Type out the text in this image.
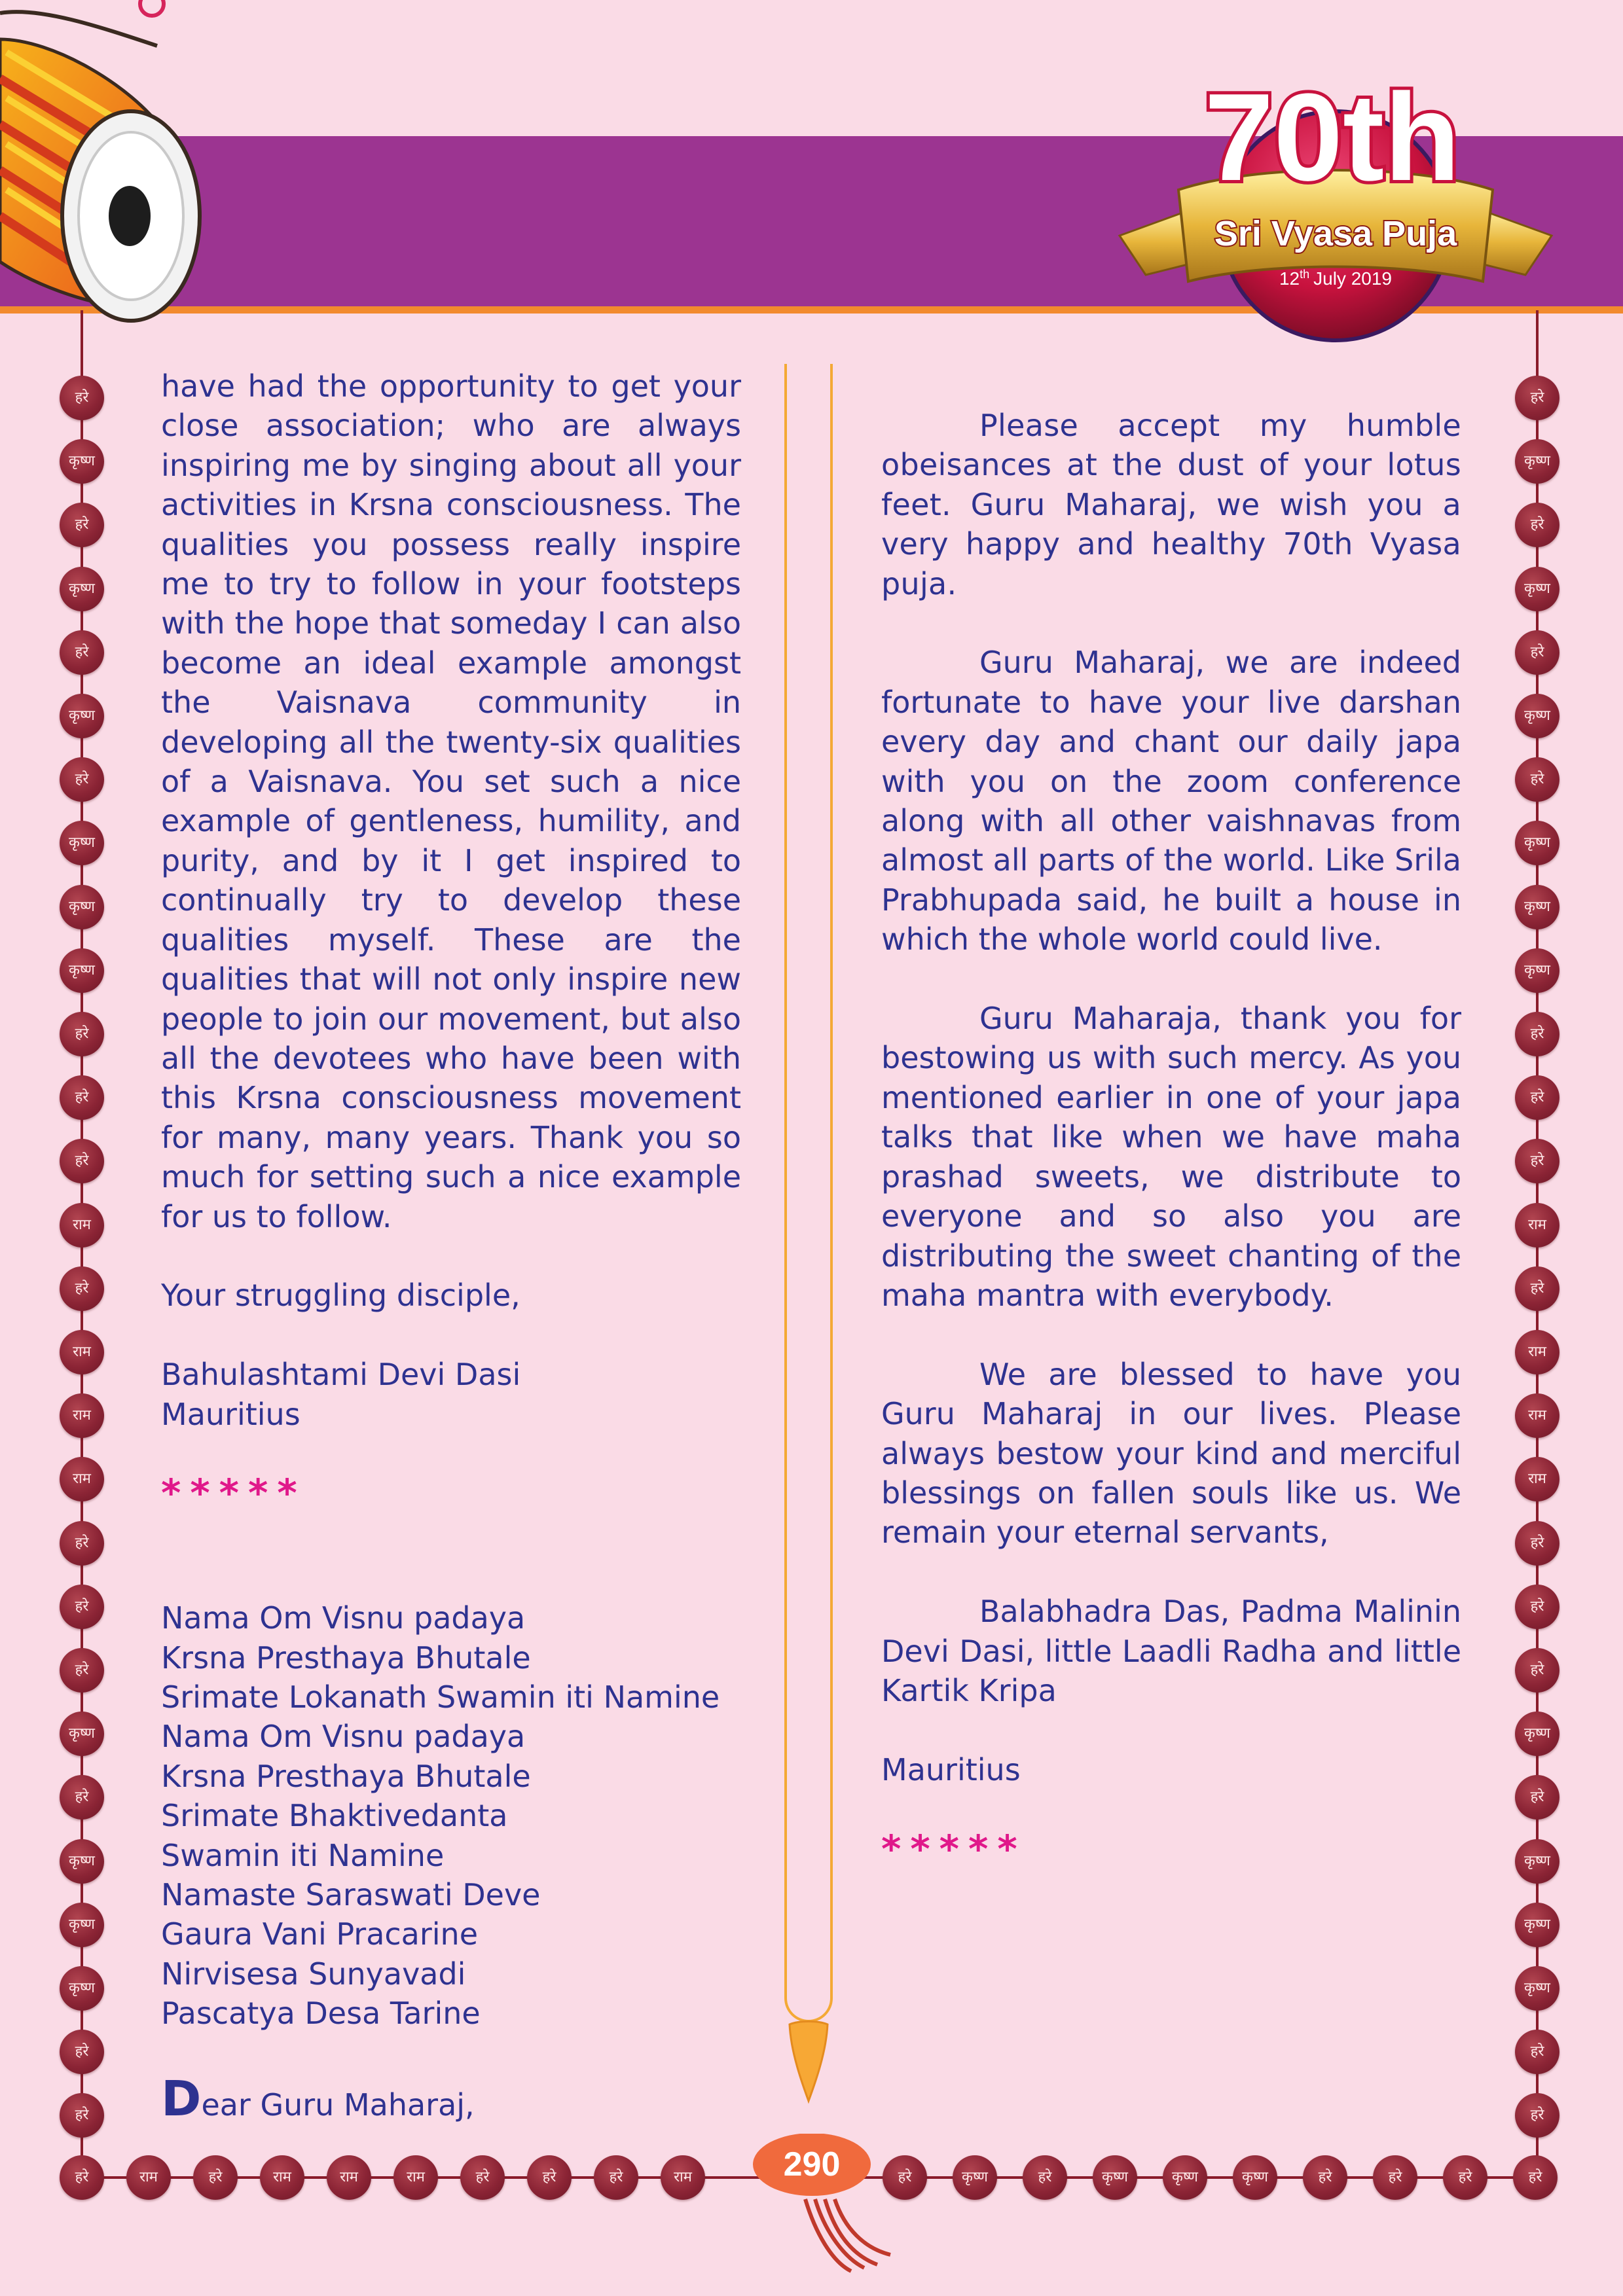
70th
Sri Vyasa Puja
12th July 2019
हरे
कृष्ण
हरे
कृष्ण
हरे
कृष्ण
हरे
कृष्ण
कृष्ण
कृष्ण
हरे
हरे
हरे
राम
हरे
राम
राम
राम
हरे
हरे
हरे
कृष्ण
हरे
कृष्ण
कृष्ण
कृष्ण
हरे
हरे
हरे
कृष्ण
हरे
कृष्ण
हरे
कृष्ण
हरे
कृष्ण
कृष्ण
कृष्ण
हरे
हरे
हरे
राम
हरे
राम
राम
राम
हरे
हरे
हरे
कृष्ण
हरे
कृष्ण
कृष्ण
कृष्ण
हरे
हरे
हरे	राम	हरे	राम	राम	राम	हरे	हरे	हरे	राम	हरे	कृष्ण	हरे	कृष्ण	कृष्ण	कृष्ण	हरे	हरे	हरे	हरे
290

have had the opportunity to get your close association; who are always inspiring me by singing about all your activities in Krsna consciousness. The qualities you possess really inspire me to try to follow in your footsteps with the hope that someday I can also become an ideal example amongst the Vaisnava community in developing all the twenty-six qualities of a Vaisnava. You set such a nice example of gentleness, humility, and purity, and by it I get inspired to continually try to develop these qualities myself. These are the qualities that will not only inspire new people to join our movement, but also all the devotees who have been with this Krsna consciousness movement for many, many years. Thank you so much for setting such a nice example for us to follow.

Your struggling disciple,

Bahulashtami Devi Dasi
Mauritius
*****
Nama Om Visnu padaya
Krsna Presthaya Bhutale
Srimate Lokanath Swamin iti Namine
Nama Om Visnu padaya
Krsna Presthaya Bhutale
Srimate Bhaktivedanta
Swamin iti Namine
Namaste Saraswati Deve
Gaura Vani Pracarine
Nirvisesa Sunyavadi
Pascatya Desa Tarine
Dear Guru Maharaj,

Please accept my humble obeisances at the dust of your lotus feet. Guru Maharaj, we wish you a very happy and healthy 70th Vyasa puja.

Guru Maharaj, we are indeed fortunate to have your live darshan every day and chant our daily japa with you on the zoom conference along with all other vaishnavas from almost all parts of the world. Like Srila Prabhupada said, he built a house in which the whole world could live.

Guru Maharaja, thank you for bestowing us with such mercy. As you mentioned earlier in one of your japa talks that like when we have maha prashad sweets, we distribute to everyone and so also you are distributing the sweet chanting of the maha mantra with everybody.

We are blessed to have you Guru Maharaj in our lives. Please always bestow your kind and merciful blessings on fallen souls like us. We remain your eternal servants,

Balabhadra Das, Padma Malinin Devi Dasi, little Laadli Radha and little Kartik Kripa

Mauritius
*****
